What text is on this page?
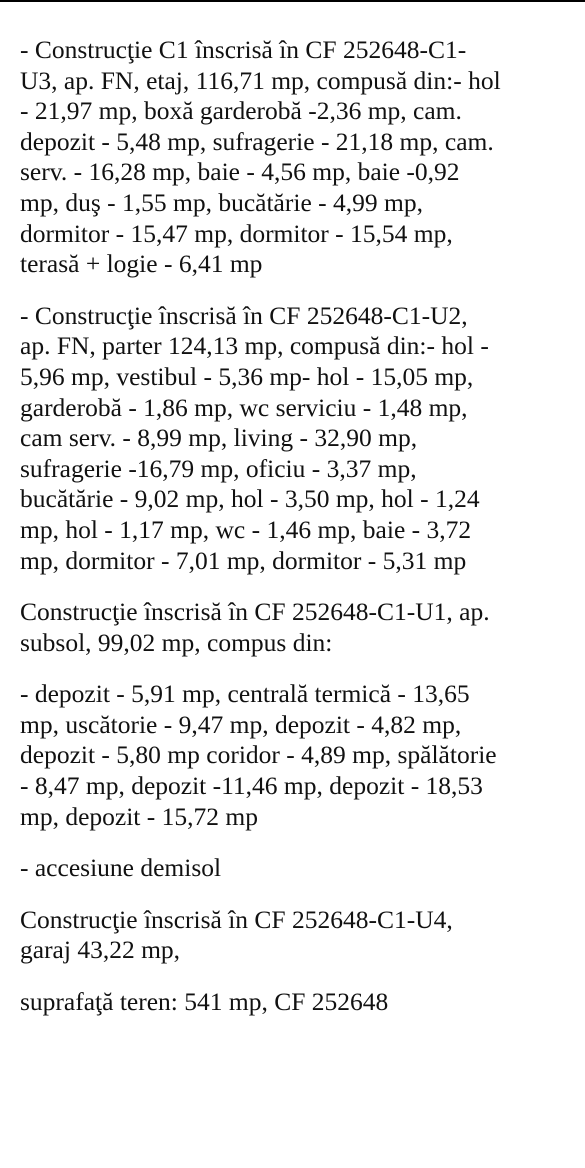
- Construcţie C1 înscrisă în CF 252648-C1-
U3, ap. FN, etaj, 116,71 mp, compusă din:- hol
- 21,97 mp, boxă garderobă -2,36 mp, cam.
depozit - 5,48 mp, sufragerie - 21,18 mp, cam.
serv. - 16,28 mp, baie - 4,56 mp, baie -0,92
mp, duş - 1,55 mp, bucătărie - 4,99 mp,
dormitor - 15,47 mp, dormitor - 15,54 mp,
terasă + logie - 6,41 mp

- Construcţie înscrisă în CF 252648-C1-U2,
ap. FN, parter 124,13 mp, compusă din:- hol -
5,96 mp, vestibul - 5,36 mp- hol - 15,05 mp,
garderobă - 1,86 mp, wc serviciu - 1,48 mp,
cam serv. - 8,99 mp, living - 32,90 mp,
sufragerie -16,79 mp, oficiu - 3,37 mp,
bucătărie - 9,02 mp, hol - 3,50 mp, hol - 1,24
mp, hol - 1,17 mp, wc - 1,46 mp, baie - 3,72
mp, dormitor - 7,01 mp, dormitor - 5,31 mp

Construcţie înscrisă în CF 252648-C1-U1, ap.
subsol, 99,02 mp, compus din:

- depozit - 5,91 mp, centrală termică - 13,65
mp, uscătorie - 9,47 mp, depozit - 4,82 mp,
depozit - 5,80 mp coridor - 4,89 mp, spălătorie
- 8,47 mp, depozit -11,46 mp, depozit - 18,53
mp, depozit - 15,72 mp

- accesiune demisol

Construcţie înscrisă în CF 252648-C1-U4,
garaj 43,22 mp,

suprafaţă teren: 541 mp, CF 252648
